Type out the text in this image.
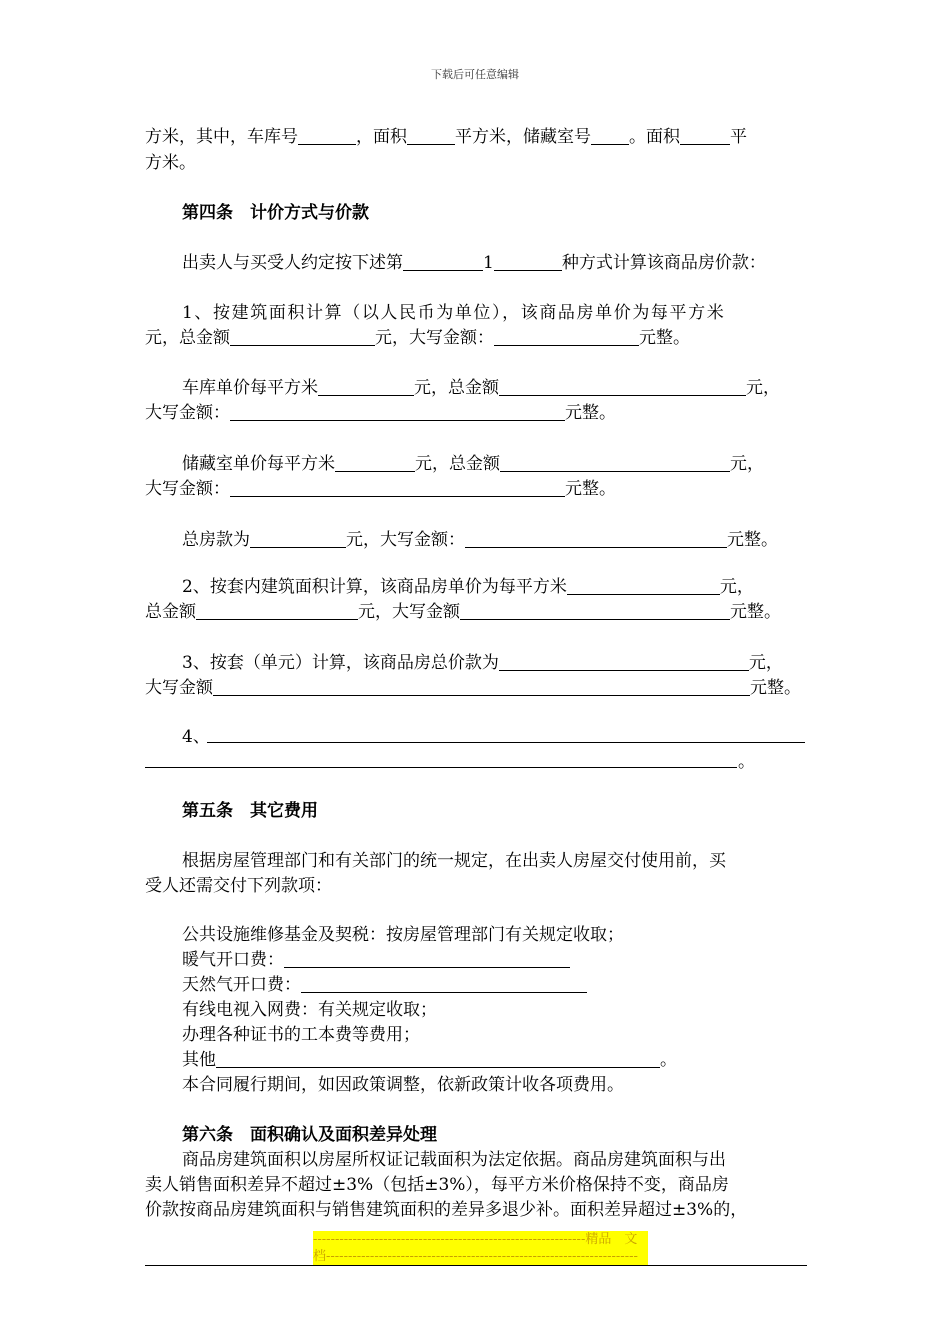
下载后可任意编辑
方米，其中，车库号	，面积	平方米，储藏室号 。面积	平
方米。
第四条　计价方式与价款
出卖人与买受人约定按下述第	1	种方式计算该商品房价款：
1、按建筑面积计算（以人民币为单位），该商品房单价为每平方米
元，总金额	元，大写金额：	元整。
车库单价每平方米	元，总金额	元，
大写金额：	元整。
储藏室单价每平方米	元，总金额	元，
大写金额：	元整。
总房款为	元，大写金额：	元整。
2、按套内建筑面积计算，该商品房单价为每平方米	元，
总金额	元，大写金额	元整。
3、按套（单元）计算，该商品房总价款为	元，
大写金额	元整。
4、
。
第五条　其它费用
根据房屋管理部门和有关部门的统一规定，在出卖人房屋交付使用前，买
受人还需交付下列款项：
公共设施维修基金及契税：按房屋管理部门有关规定收取；
暖气开口费：
天然气开口费：
有线电视入网费：有关规定收取；
办理各种证书的工本费等费用；
其他	。
本合同履行期间，如因政策调整，依新政策计收各项费用。
第六条　面积确认及面积差异处理
商品房建筑面积以房屋所权证记载面积为法定依据。商品房建筑面积与出
卖人销售面积差异不超过±3%（包括±3%），每平方米价格保持不变，商品房
价款按商品房建筑面积与销售建筑面积的差异多退少补。面积差异超过±3%的，
--------------------------------------------------------------精品　文
档-----------------------------------------------------------------------
